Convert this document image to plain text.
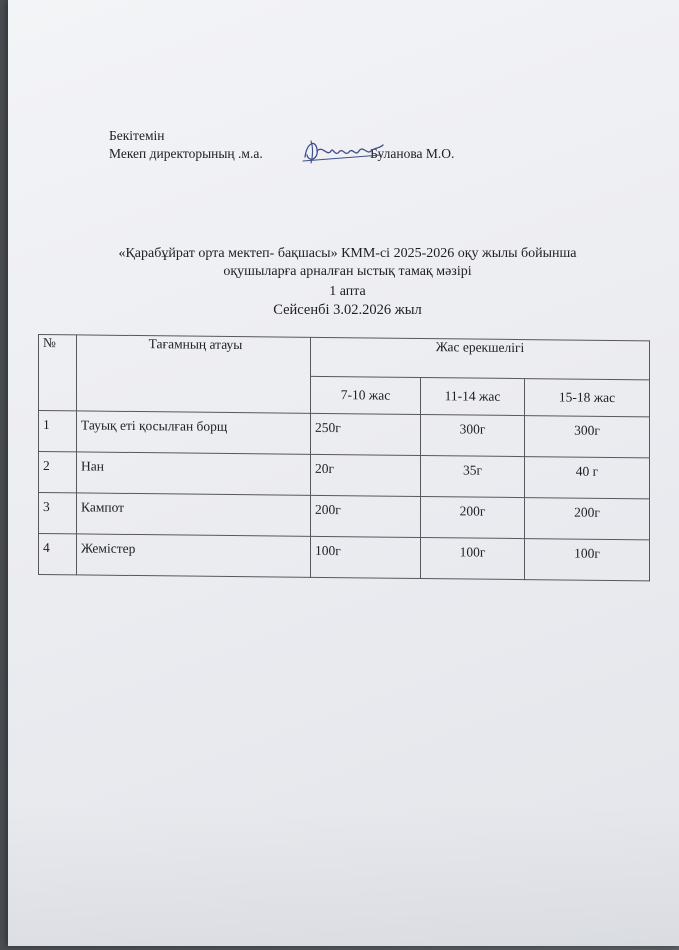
Бекітемін
Мекеп директорының .м.а.	Буланова М.О.
«Қарабұйрат орта мектеп- бақшасы» КММ-сі 2025-2026 оқу жылы бойынша
оқушыларға арналған ыстық тамақ мәзірі
1 апта
Сейсенбі 3.02.2026 жыл
№	Тағамның атауы	Жас ерекшелігі		
		7-10 жас	11-14 жас	15-18 жас
1	Тауық еті қосылған борщ	250г	300г	300г
2	Нан	20г	35г	40 г
3	Кампот	200г	200г	200г
4	Жемістер	100г	100г	100г
